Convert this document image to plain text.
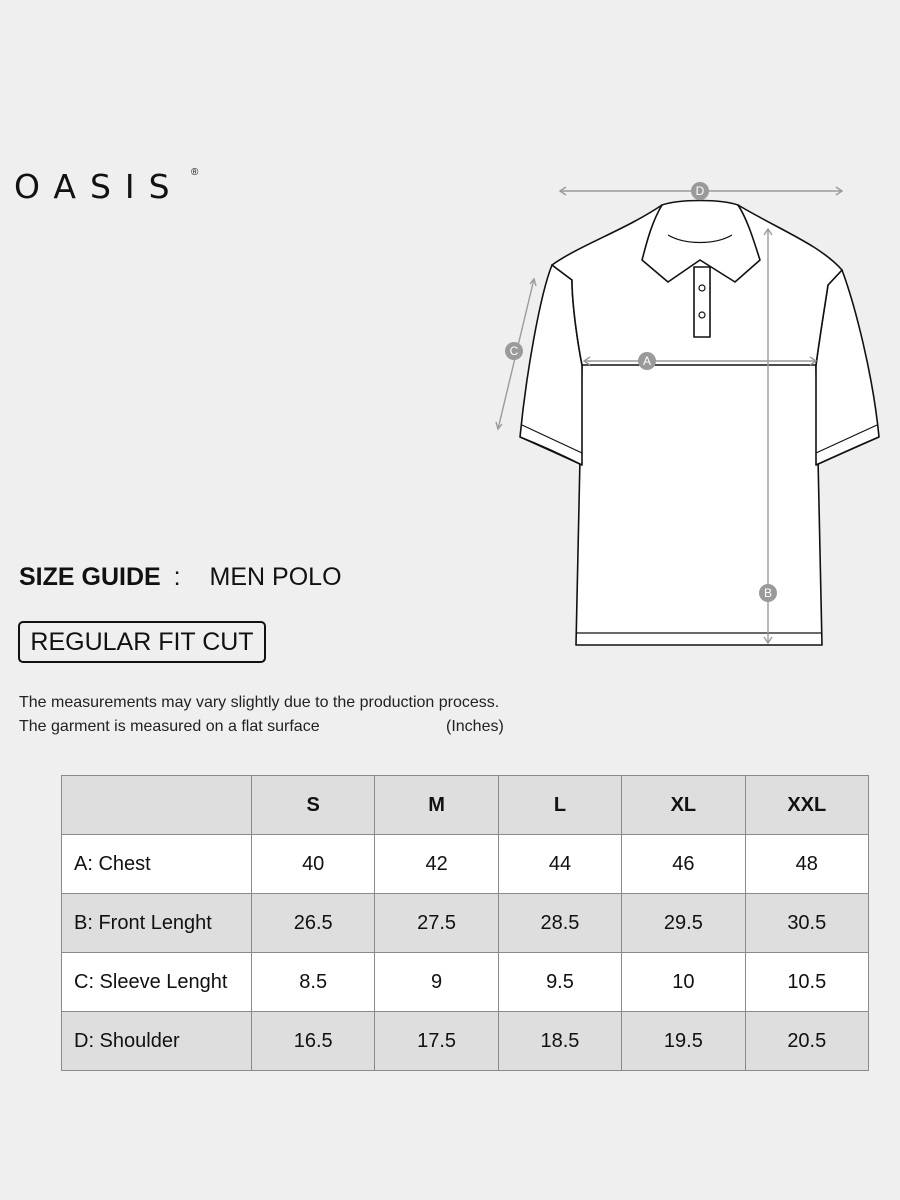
OASIS ®
D
A
B
C
SIZE GUIDE : MEN POLO
REGULAR FIT CUT
The measurements may vary slightly due to the production process.
The garment is measured on a flat surface	(Inches)
	S	M	L	XL	XXL
A: Chest	40	42	44	46	48
B: Front Lenght	26.5	27.5	28.5	29.5	30.5
C: Sleeve Lenght	8.5	9	9.5	10	10.5
D: Shoulder	16.5	17.5	18.5	19.5	20.5
